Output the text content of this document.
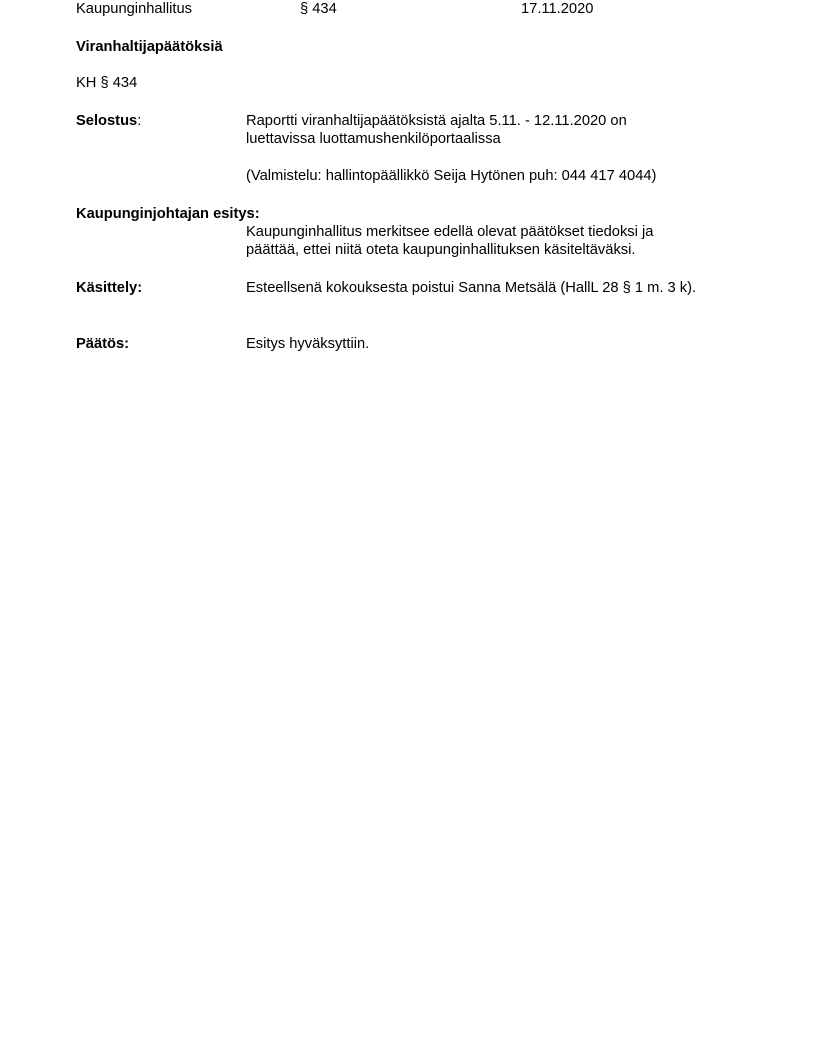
Kaupunginhallitus	§ 434	17.11.2020
Viranhaltijapäätöksiä
KH § 434
Selostus:	Raportti viranhaltijapäätöksistä ajalta 5.11. - 12.11.2020 on
luettavissa luottamushenkilöportaalissa
(Valmistelu: hallintopäällikkö Seija Hytönen puh: 044 417 4044)
Kaupunginjohtajan esitys:
Kaupunginhallitus merkitsee edellä olevat päätökset tiedoksi ja
päättää, ettei niitä oteta kaupunginhallituksen käsiteltäväksi.
Käsittely:	Esteellsenä kokouksesta poistui Sanna Metsälä (HallL 28 § 1 m. 3 k).
Päätös:	Esitys hyväksyttiin.
